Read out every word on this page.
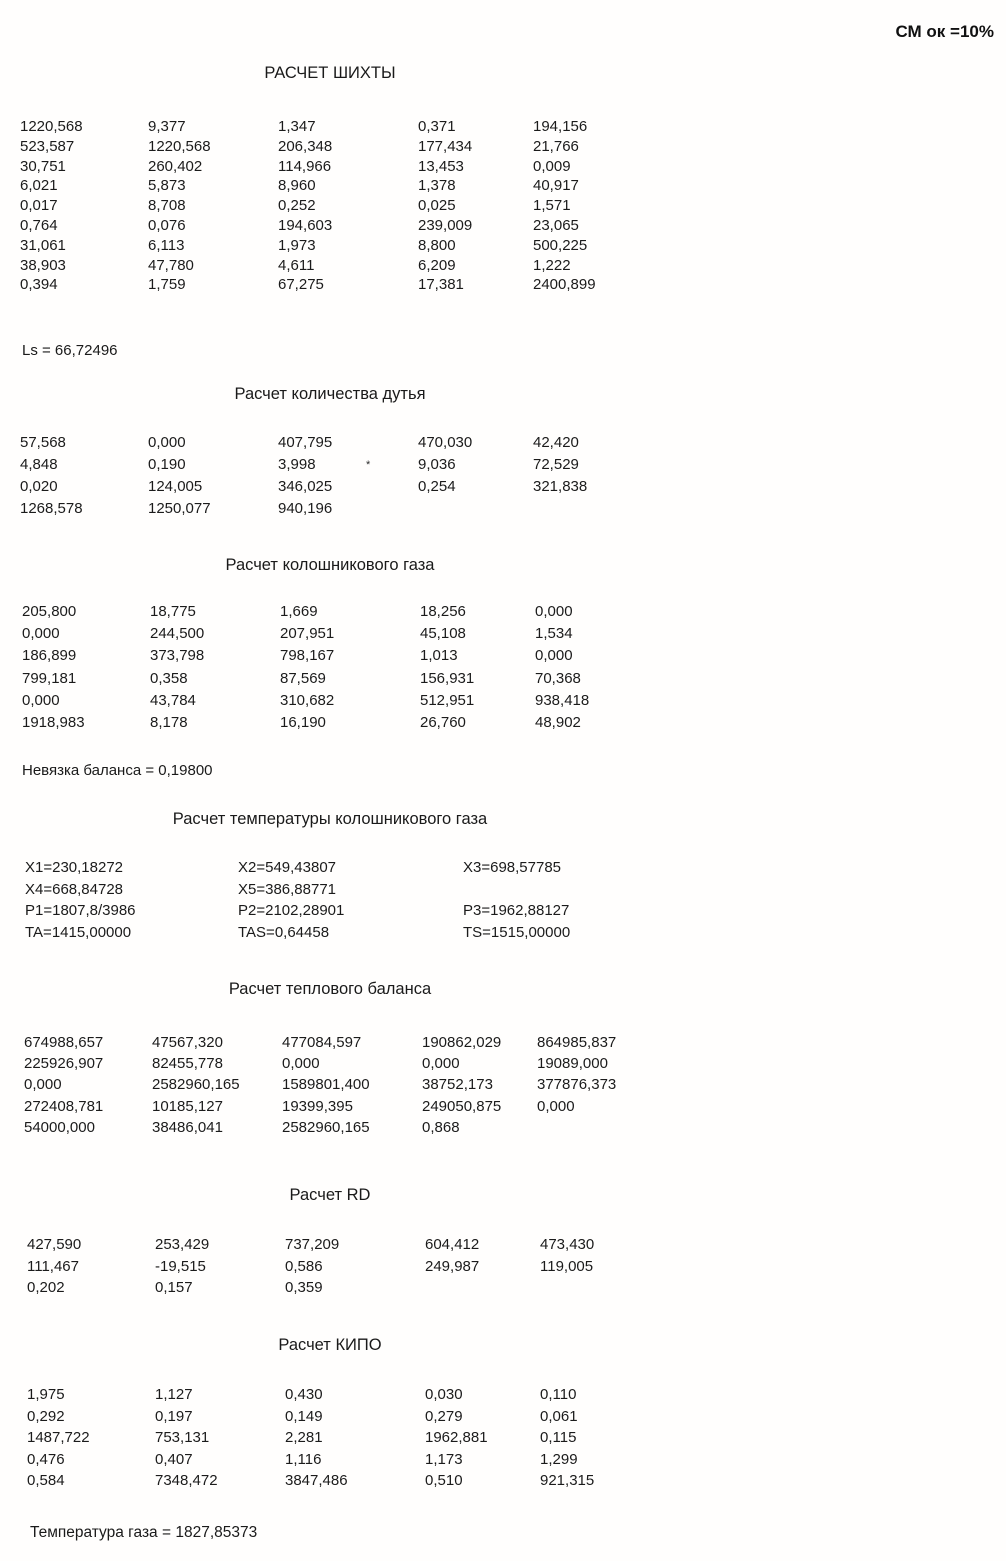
СМ ок =10%
РАСЧЕТ ШИХТЫ
1220,568	9,377	1,347	0,371	194,156
523,587	1220,568	206,348	177,434	21,766
30,751	260,402	114,966	13,453	0,009
6,021	5,873	8,960	1,378	40,917
0,017	8,708	0,252	0,025	1,571
0,764	0,076	194,603	239,009	23,065
31,061	6,113	1,973	8,800	500,225
38,903	47,780	4,611	6,209	1,222
0,394	1,759	67,275	17,381	2400,899
Ls = 66,72496
Расчет количества дутья
57,568	0,000	407,795	470,030	42,420
4,848	0,190	3,998	9,036	72,529
0,020	124,005	346,025	0,254	321,838
1268,578	1250,077	940,196
*
Расчет колошникового газа
205,800	18,775	1,669	18,256	0,000
0,000	244,500	207,951	45,108	1,534
186,899	373,798	798,167	1,013	0,000
799,181	0,358	87,569	156,931	70,368
0,000	43,784	310,682	512,951	938,418
1918,983	8,178	16,190	26,760	48,902
Невязка баланса = 0,19800
Расчет температуры колошникового газа
X1=230,18272	X2=549,43807	X3=698,57785
X4=668,84728	X5=386,88771
P1=1807,8/3986	P2=2102,28901	P3=1962,88127
TA=1415,00000	TAS=0,64458	TS=1515,00000
Расчет теплового баланса
674988,657	47567,320	477084,597	190862,029	864985,837
225926,907	82455,778	0,000	0,000	19089,000
0,000	2582960,165	1589801,400	38752,173	377876,373
272408,781	10185,127	19399,395	249050,875	0,000
54000,000	38486,041	2582960,165	0,868
Расчет RD
427,590	253,429	737,209	604,412	473,430
111,467	-19,515	0,586	249,987	119,005
0,202	0,157	0,359
Расчет КИПО
1,975	1,127	0,430	0,030	0,110
0,292	0,197	0,149	0,279	0,061
1487,722	753,131	2,281	1962,881	0,115
0,476	0,407	1,116	1,173	1,299
0,584	7348,472	3847,486	0,510	921,315
Температура газа = 1827,85373
